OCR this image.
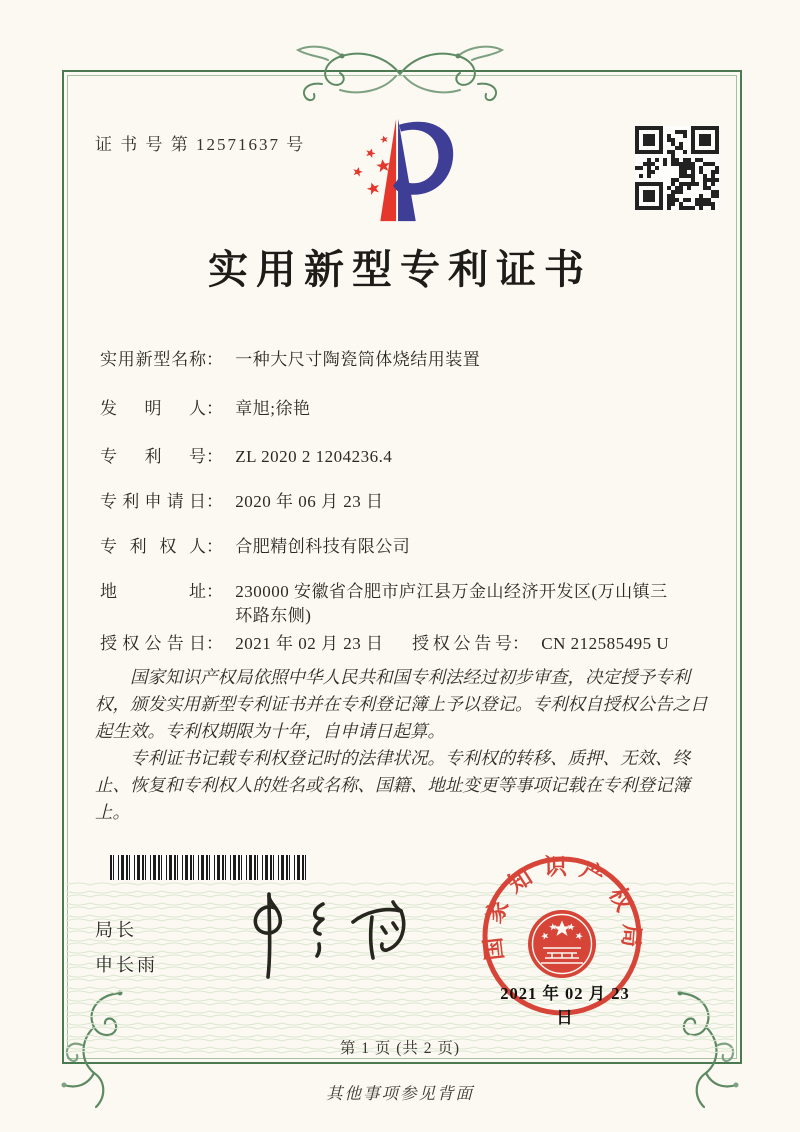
证 书 号 第 12571637 号
实用新型专利证书
实用新型名称： 一种大尺寸陶瓷筒体烧结用装置
发　明　人： 章旭;徐艳
专　利　号： ZL 2020 2 1204236.4
专利申请日： 2020 年 06 月 23 日
专 利 权 人： 合肥精创科技有限公司
地　　　址： 230000 安徽省合肥市庐江县万金山经济开发区(万山镇三环路东侧)
授权公告日： 2021 年 02 月 23 日 授权公告号： CN 212585495 U

国家知识产权局依照中华人民共和国专利法经过初步审查，决定授予专利权，颁发实用新型专利证书并在专利登记簿上予以登记。专利权自授权公告之日起生效。专利权期限为十年，自申请日起算。

专利证书记载专利权登记时的法律状况。专利权的转移、质押、无效、终止、恢复和专利权人的姓名或名称、国籍、地址变更等事项记载在专利登记簿上。

局长
申长雨
国家知识产权局
2021 年 02 月 23 日
第 1 页 (共 2 页)
其他事项参见背面
